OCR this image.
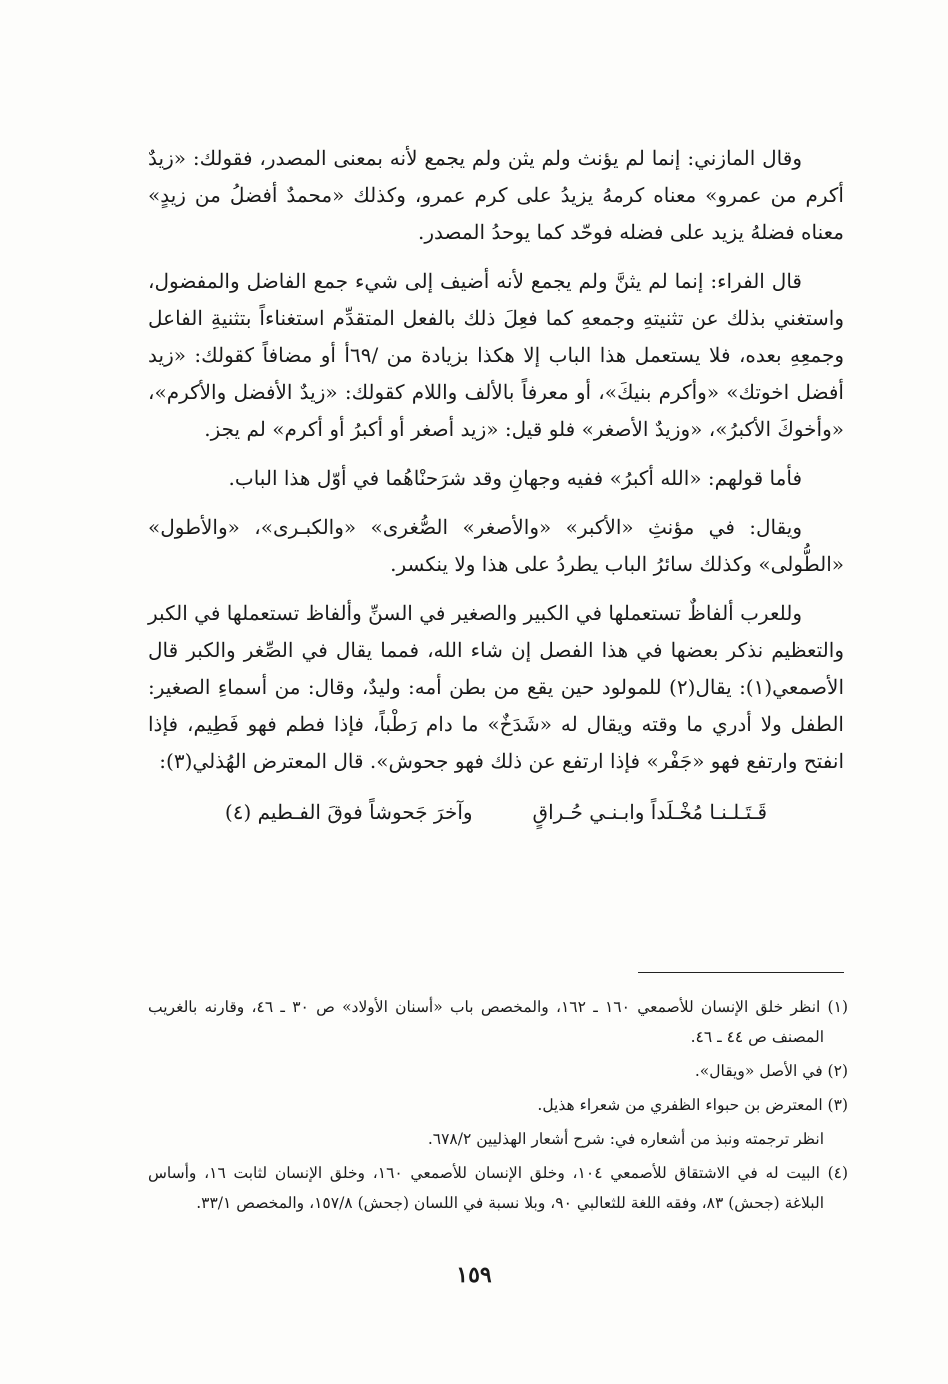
وقال المازني: إنما لم يؤنث ولم يثن ولم يجمع لأنه بمعنى المصدر، فقولك: «زيدٌ أكرم من عمرو» معناه كرمهُ يزيدُ على كرم عمرو، وكذلك «محمدٌ أفضلُ من زيدٍ» معناه فضلهُ يزيد على فضله فوحّد كما يوحدُ المصدر.

قال الفراء: إنما لم يثنَّ ولم يجمع لأنه أضيف إلى شيء جمع الفاضل والمفضول، واستغني بذلك عن تثنيتهِ وجمعهِ كما فعِلَ ذلك بالفعل المتقدِّم استغناءاً بتثنيةِ الفاعل وجمعِهِ بعده، فلا يستعمل هذا الباب إلا هكذا بزيادة من /٦٩أ أو مضافاً كقولك: «زيد أفضل اخوتك» «وأكرم بنيكَ»، أو معرفاً بالألف واللام كقولك: «زيدٌ الأفضل والأكرم»، «وأخوكَ الأكبرُ»، «وزيدٌ الأصغر» فلو قيل: «زيد أصغر أو أكبرُ أو أكرم» لم يجز.

فأما قولهم: «الله أكبرُ» ففيه وجهانِ وقد شرَحنْاهُما في أوّل هذا الباب.

ويقال: في مؤنثِ «الأكبر» «والأصغر» الصُّغرى» «والكبـرى»، «والأطول» «الطُّولى» وكذلك سائرُ الباب يطردُ على هذا ولا ينكسر.

وللعرب ألفاظٌ تستعملها في الكبير والصغير في السنِّ وألفاظ تستعملها في الكبر والتعظيم نذكر بعضها في هذا الفصل إن شاء الله، فمما يقال في الصِّغر والكبر قال الأصمعي(١): يقال(٢) للمولود حين يقع من بطن أمه: وليدٌ، وقال: من أسماءِ الصغير: الطفل ولا أدري ما وقته ويقال له «شَدَخٌ» ما دام رَطْباً، فإذا فطم فهو فَطِيم، فإذا انفتح وارتفع فهو «جَفْر» فإذا ارتفع عن ذلك فهو جحوش». قال المعترض الهُذلي(٣):

قَـتَـلـنـا مُخْـلَداً وابـنـي حُـراقٍ
وآخرَ جَحوشاً فوقَ الفـطيم (٤)

(١) انظر خلق الإنسان للأصمعي ١٦٠ ـ ١٦٢، والمخصص باب «أسنان الأولاد» ص ٣٠ ـ ٤٦، وقارنه بالغريب المصنف ص ٤٤ ـ ٤٦.

(٢) في الأصل «ويقال».

(٣) المعترض بن حبواء الظفري من شعراء هذيل.

انظر ترجمته ونبذ من أشعاره في: شرح أشعار الهذليين ٦٧٨/٢.

(٤) البيت له في الاشتقاق للأصمعي ١٠٤، وخلق الإنسان للأصمعي ١٦٠، وخلق الإنسان لثابت ١٦، وأساس البلاغة (جحش) ٨٣، وفقه اللغة للثعالبي ٩٠، وبلا نسبة في اللسان (جحش) ١٥٧/٨، والمخصص ٣٣/١.

١٥٩
